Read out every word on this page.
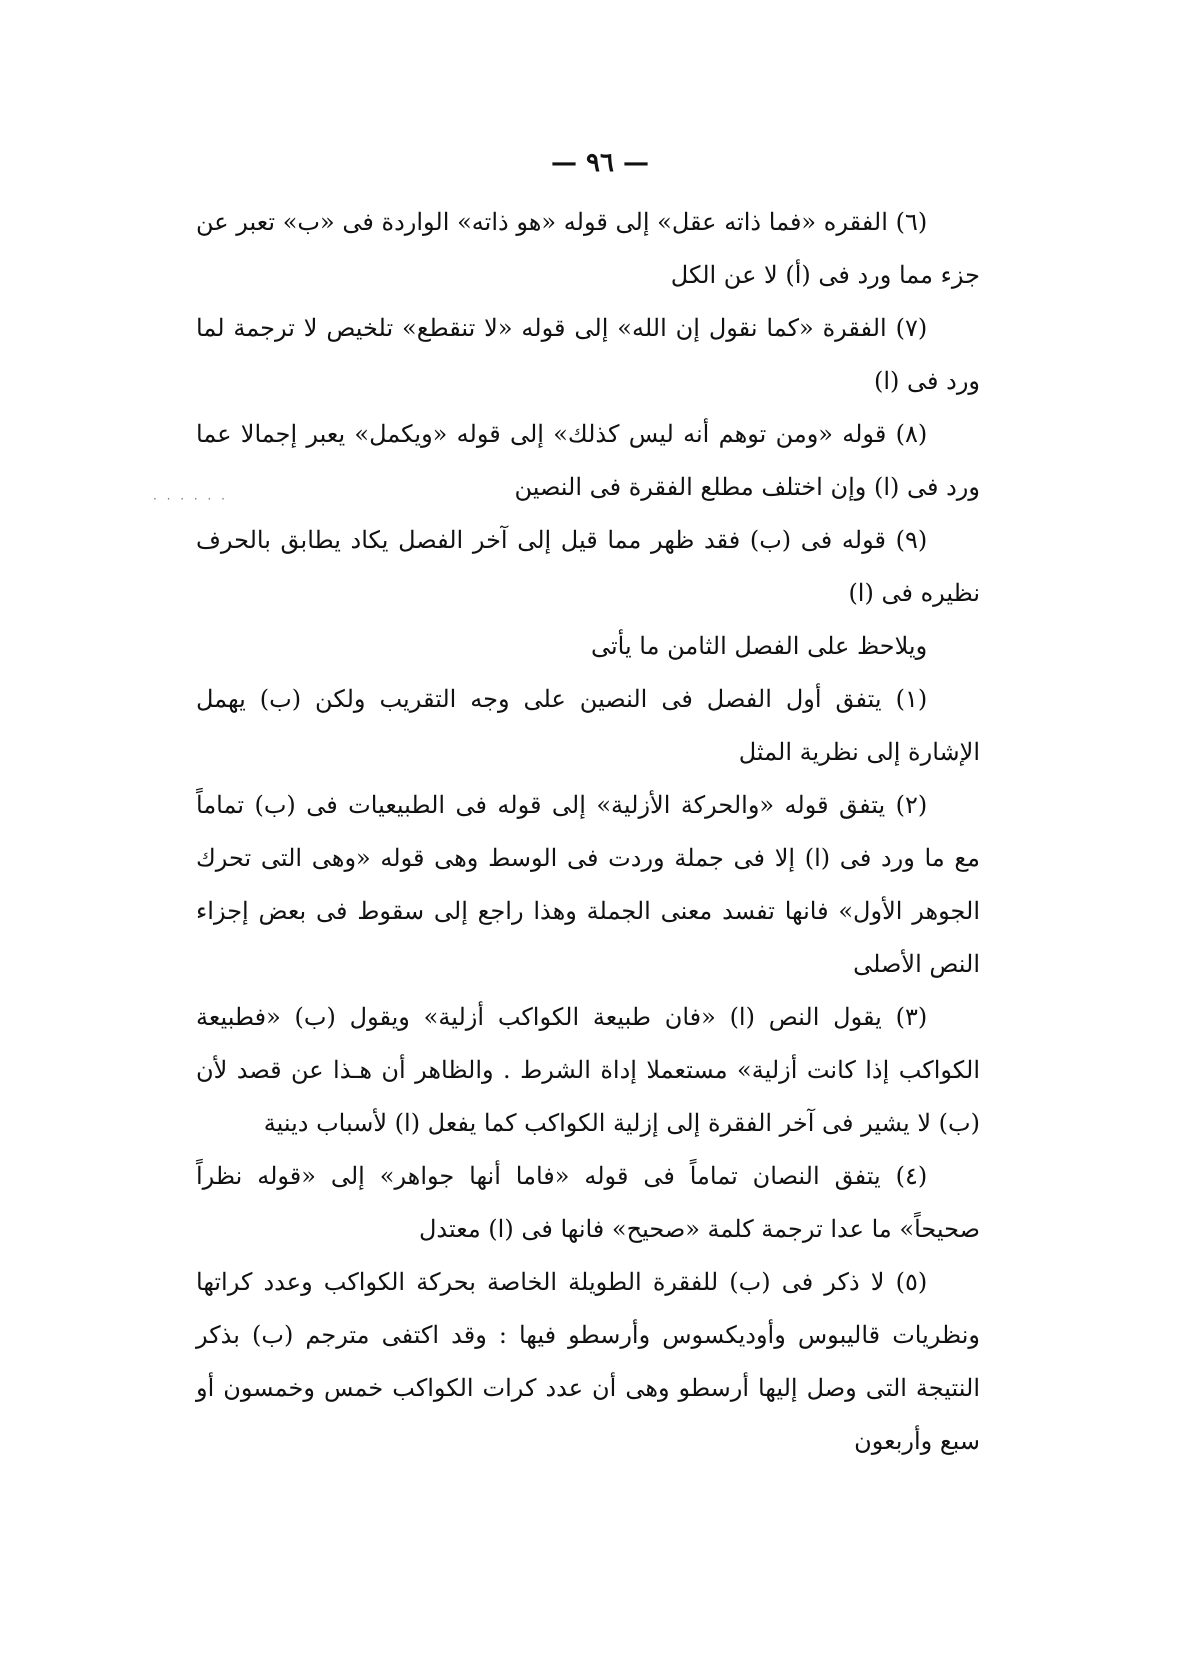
— ٩٦ —
· · · · · ·

(٦) الفقره «فما ذاته عقل» إلى قوله «هو ذاته» الواردة فى «ب» تعبر عن جزء مما ورد فى (أ) لا عن الكل

(٧) الفقرة «كما نقول إن الله» إلى قوله «لا تنقطع» تلخيص لا ترجمة لما ورد فى (ا)

(٨) قوله «ومن توهم أنه ليس كذلك» إلى قوله «ويكمل» يعبر إجمالا عما ورد فى (ا) وإن اختلف مطلع الفقرة فى النصين

(٩) قوله فى (ب) فقد ظهر مما قيل إلى آخر الفصل يكاد يطابق بالحرف نظيره فى (ا)

ويلاحظ على الفصل الثامن ما يأتى

(١) يتفق أول الفصل فى النصين على وجه التقريب ولكن (ب) يهمل الإشارة إلى نظرية المثل

(٢) يتفق قوله «والحركة الأزلية» إلى قوله فى الطبيعيات فى (ب) تماماً مع ما ورد فى (ا) إلا فى جملة وردت فى الوسط وهى قوله «وهى التى تحرك الجوهر الأول» فانها تفسد معنى الجملة وهذا راجع إلى سقوط فى بعض إجزاء النص الأصلى

(٣) يقول النص (ا) «فان طبيعة الكواكب أزلية» ويقول (ب) «فطبيعة الكواكب إذا كانت أزلية» مستعملا إداة الشرط . والظاهر أن هـذا عن قصد لأن (ب) لا يشير فى آخر الفقرة إلى إزلية الكواكب كما يفعل (ا) لأسباب دينية

(٤) يتفق النصان تماماً فى قوله «فاما أنها جواهر» إلى «قوله نظراً صحيحاً» ما عدا ترجمة كلمة «صحيح» فانها فى (ا) معتدل

(٥) لا ذكر فى (ب) للفقرة الطويلة الخاصة بحركة الكواكب وعدد كراتها ونظريات قاليبوس وأوديكسوس وأرسطو فيها : وقد اكتفى مترجم (ب) بذكر النتيجة التى وصل إليها أرسطو وهى أن عدد كرات الكواكب خمس وخمسون أو سبع وأربعون
